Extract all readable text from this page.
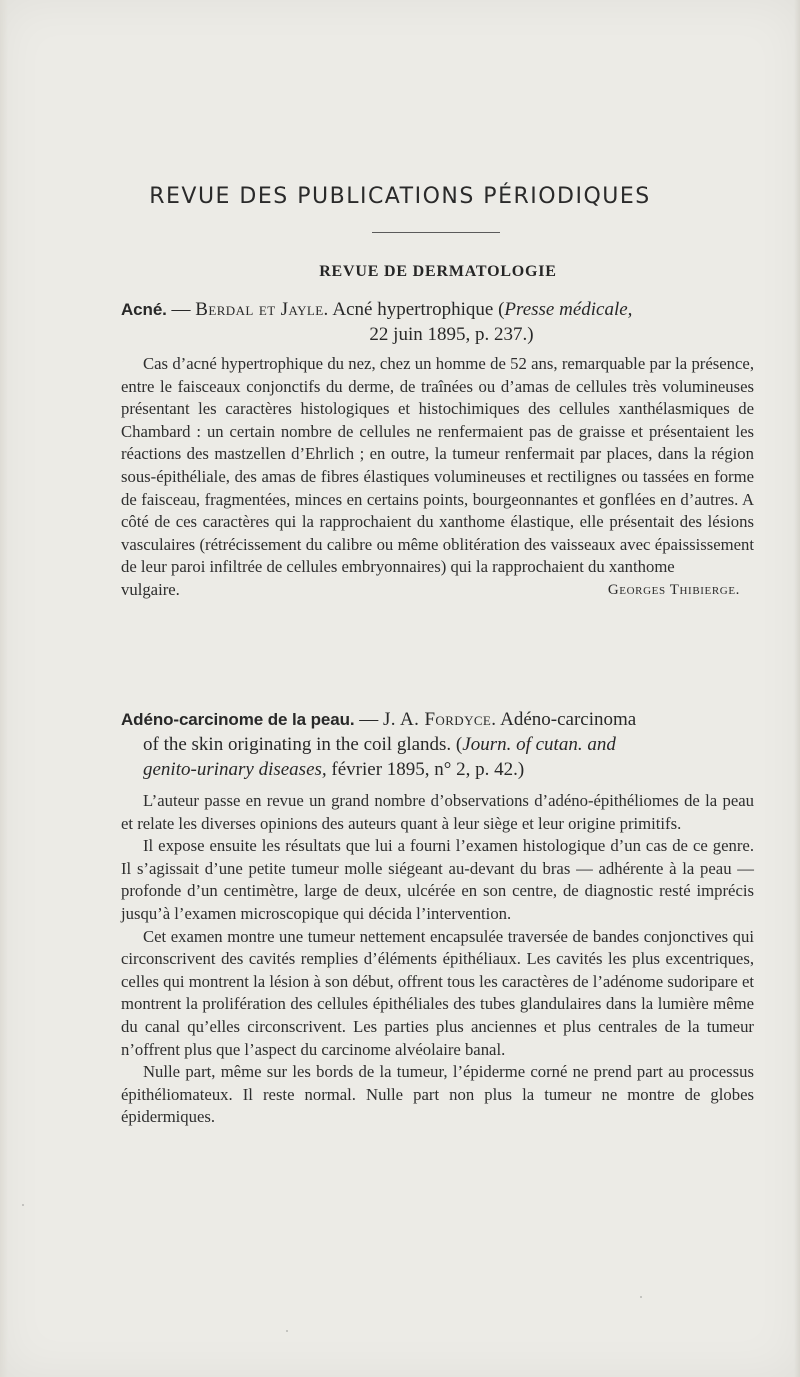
REVUE DES PUBLICATIONS PÉRIODIQUES
REVUE DE DERMATOLOGIE

Acné. — Berdal et Jayle. Acné hypertrophique (Presse médicale,
22 juin 1895, p. 237.)

Cas d’acné hypertrophique du nez, chez un homme de 52 ans, remarquable par la présence, entre le faisceaux conjonctifs du derme, de traînées ou d’amas de cellules très volumineuses présentant les caractères histologiques et histochimiques des cellules xanthélasmiques de Chambard : un certain nombre de cellules ne renfermaient pas de graisse et présentaient les réactions des mastzellen d’Ehrlich ; en outre, la tumeur renfermait par places, dans la région sous-épithéliale, des amas de fibres élastiques volumineuses et rectilignes ou tassées en forme de faisceau, fragmentées, minces en certains points, bourgeonnantes et gonflées en d’autres. A côté de ces caractères qui la rapprochaient du xanthome élastique, elle présentait des lésions vasculaires (rétrécissement du calibre ou même oblitération des vaisseaux avec épaississement de leur paroi infiltrée de cellules embryonnaires) qui la rapprochaient du xanthome

vulgaire.	Georges Thibierge.

Adéno-carcinome de la peau. — J. A. Fordyce. Adéno-carcinoma
of the skin originating in the coil glands. (Journ. of cutan. and
genito-urinary diseases, février 1895, n° 2, p. 42.)

L’auteur passe en revue un grand nombre d’observations d’adéno-épithéliomes de la peau et relate les diverses opinions des auteurs quant à leur siège et leur origine primitifs.

Il expose ensuite les résultats que lui a fourni l’examen histologique d’un cas de ce genre. Il s’agissait d’une petite tumeur molle siégeant au-devant du bras — adhérente à la peau — profonde d’un centimètre, large de deux, ulcérée en son centre, de diagnostic resté imprécis jusqu’à l’examen microscopique qui décida l’intervention.

Cet examen montre une tumeur nettement encapsulée traversée de bandes conjonctives qui circonscrivent des cavités remplies d’éléments épithéliaux. Les cavités les plus excentriques, celles qui montrent la lésion à son début, offrent tous les caractères de l’adénome sudoripare et montrent la prolifération des cellules épithéliales des tubes glandulaires dans la lumière même du canal qu’elles circonscrivent. Les parties plus anciennes et plus centrales de la tumeur n’offrent plus que l’aspect du carcinome alvéolaire banal.

Nulle part, même sur les bords de la tumeur, l’épiderme corné ne prend part au processus épithéliomateux. Il reste normal. Nulle part non plus la tumeur ne montre de globes épidermiques.
